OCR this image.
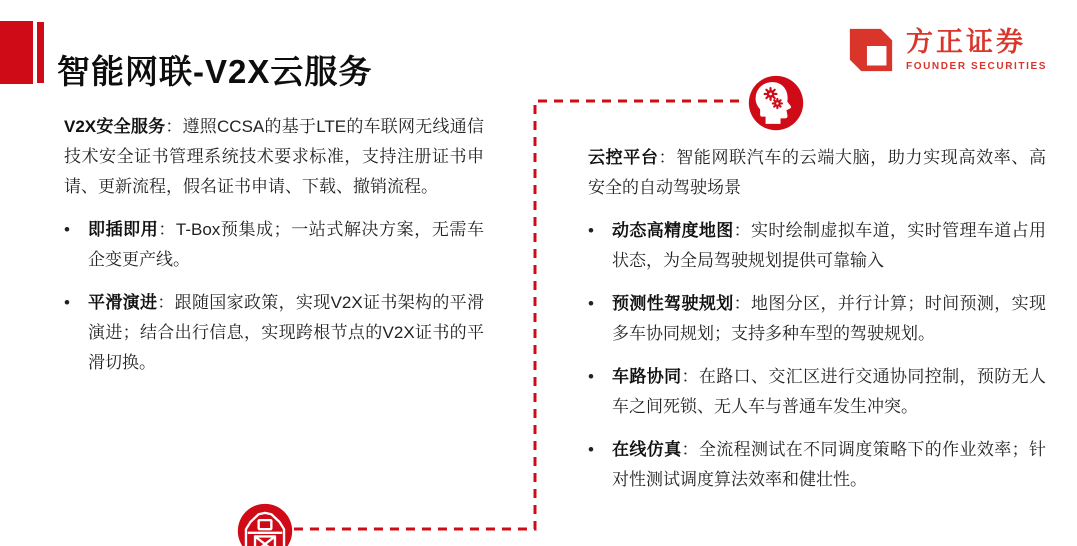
智能网联-V2X云服务
方正证券
FOUNDER SECURITIES

V2X安全服务：遵照CCSA的基于LTE的车联网无线通信技术安全证书管理系统技术要求标准，支持注册证书申请、更新流程，假名证书申请、下载、撤销流程。

•	即插即用：T-Box预集成；一站式解决方案，无需车企变更产线。
•	平滑演进：跟随国家政策，实现V2X证书架构的平滑演进；结合出行信息，实现跨根节点的V2X证书的平滑切换。

云控平台：智能网联汽车的云端大脑，助力实现高效率、高安全的自动驾驶场景

•	动态高精度地图：实时绘制虚拟车道，实时管理车道占用状态，为全局驾驶规划提供可靠输入
•	预测性驾驶规划：地图分区，并行计算；时间预测，实现多车协同规划；支持多种车型的驾驶规划。
•	车路协同：在路口、交汇区进行交通协同控制，预防无人车之间死锁、无人车与普通车发生冲突。
•	在线仿真：全流程测试在不同调度策略下的作业效率；针对性测试调度算法效率和健壮性。
